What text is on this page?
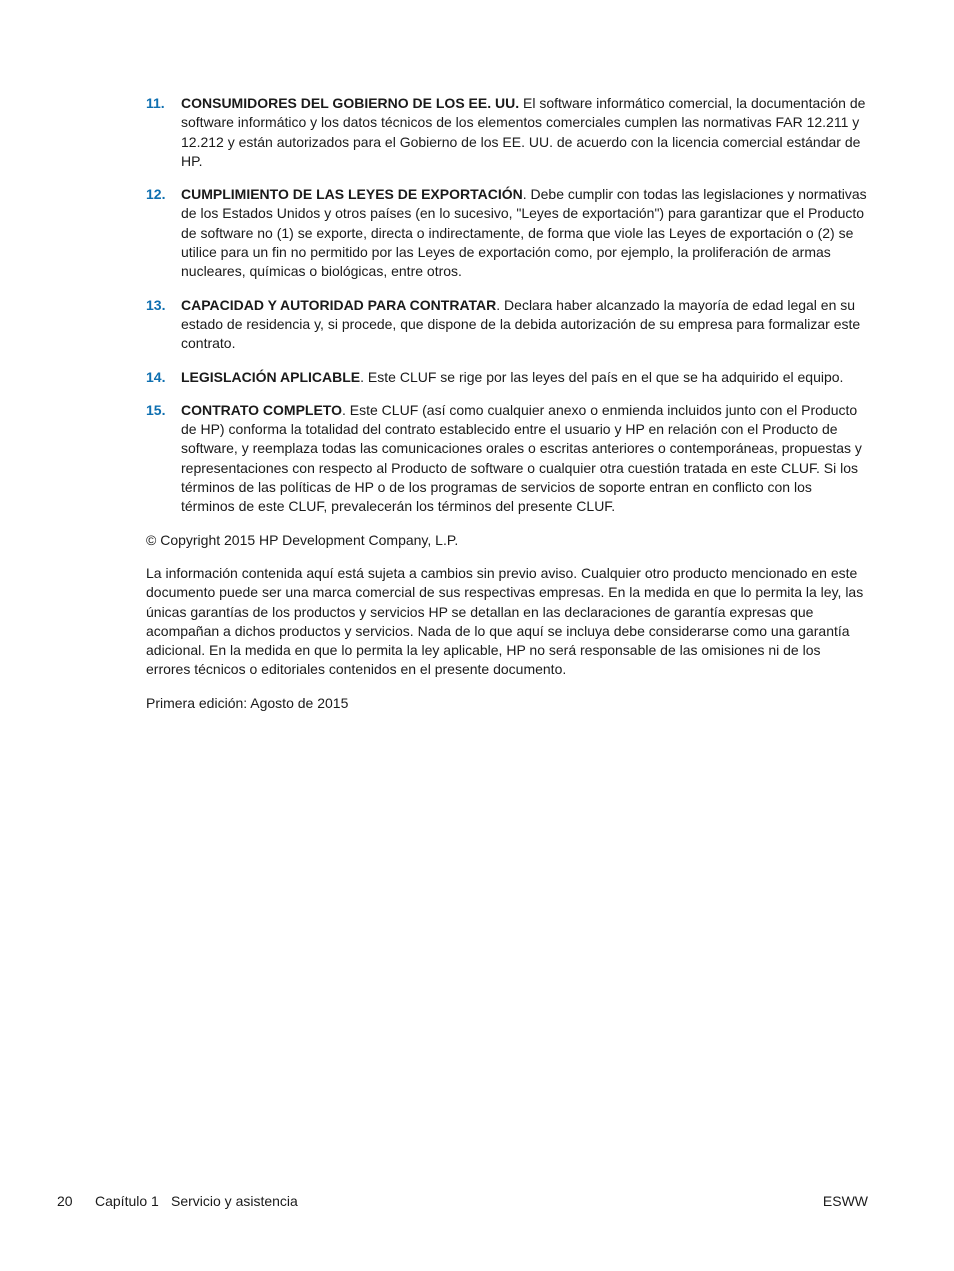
11. CONSUMIDORES DEL GOBIERNO DE LOS EE. UU. El software informático comercial, la documentación de software informático y los datos técnicos de los elementos comerciales cumplen las normativas FAR 12.211 y 12.212 y están autorizados para el Gobierno de los EE. UU. de acuerdo con la licencia comercial estándar de HP.
12. CUMPLIMIENTO DE LAS LEYES DE EXPORTACIÓN. Debe cumplir con todas las legislaciones y normativas de los Estados Unidos y otros países (en lo sucesivo, "Leyes de exportación") para garantizar que el Producto de software no (1) se exporte, directa o indirectamente, de forma que viole las Leyes de exportación o (2) se utilice para un fin no permitido por las Leyes de exportación como, por ejemplo, la proliferación de armas nucleares, químicas o biológicas, entre otros.
13. CAPACIDAD Y AUTORIDAD PARA CONTRATAR. Declara haber alcanzado la mayoría de edad legal en su estado de residencia y, si procede, que dispone de la debida autorización de su empresa para formalizar este contrato.
14. LEGISLACIÓN APLICABLE. Este CLUF se rige por las leyes del país en el que se ha adquirido el equipo.
15. CONTRATO COMPLETO. Este CLUF (así como cualquier anexo o enmienda incluidos junto con el Producto de HP) conforma la totalidad del contrato establecido entre el usuario y HP en relación con el Producto de software, y reemplaza todas las comunicaciones orales o escritas anteriores o contemporáneas, propuestas y representaciones con respecto al Producto de software o cualquier otra cuestión tratada en este CLUF. Si los términos de las políticas de HP o de los programas de servicios de soporte entran en conflicto con los términos de este CLUF, prevalecerán los términos del presente CLUF.

© Copyright 2015 HP Development Company, L.P.

La información contenida aquí está sujeta a cambios sin previo aviso. Cualquier otro producto mencionado en este documento puede ser una marca comercial de sus respectivas empresas. En la medida en que lo permita la ley, las únicas garantías de los productos y servicios HP se detallan en las declaraciones de garantía expresas que acompañan a dichos productos y servicios. Nada de lo que aquí se incluya debe considerarse como una garantía adicional. En la medida en que lo permita la ley aplicable, HP no será responsable de las omisiones ni de los errores técnicos o editoriales contenidos en el presente documento.

Primera edición: Agosto de 2015

20 Capítulo 1 Servicio y asistencia	ESWW
